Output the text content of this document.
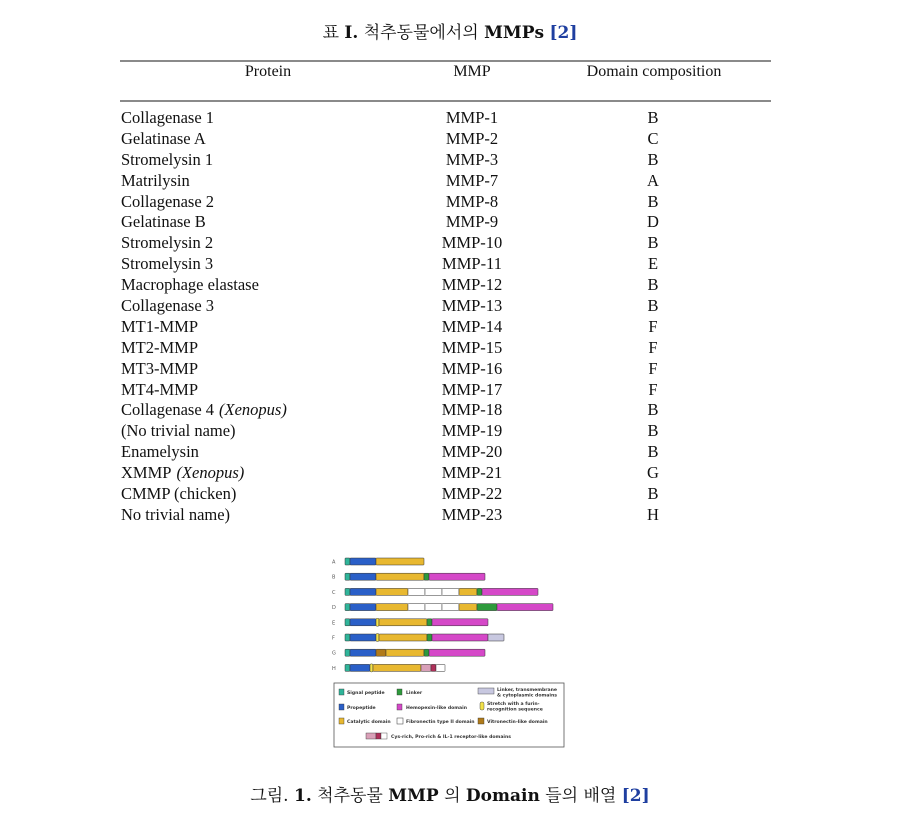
표 I. 척추동물에서의 MMPs [2]
Protein	MMP	Domain composition
Collagenase 1	MMP-1	B
Gelatinase A	MMP-2	C
Stromelysin 1	MMP-3	B
Matrilysin	MMP-7	A
Collagenase 2	MMP-8	B
Gelatinase B	MMP-9	D
Stromelysin 2	MMP-10	B
Stromelysin 3	MMP-11	E
Macrophage elastase	MMP-12	B
Collagenase 3	MMP-13	B
MT1-MMP	MMP-14	F
MT2-MMP	MMP-15	F
MT3-MMP	MMP-16	F
MT4-MMP	MMP-17	F
Collagenase 4 (Xenopus)	MMP-18	B
(No trivial name)	MMP-19	B
Enamelysin	MMP-20	B
XMMP (Xenopus)	MMP-21	G
CMMP (chicken)	MMP-22	B
No trivial name)	MMP-23	H
A
B
C
D
E
F
G
H
Signal peptide	Linker
Linker, transmembrane
& cytoplasmic domains
Propeptide	Hemopexin-like domain
Stretch with a furin-
recognition sequence
Catalytic domain	Fibronectin type II domain	Vitronectin-like domain
Cys-rich, Pro-rich & IL-1 receptor-like domains
그림. 1. 척추동물 MMP 의 Domain 들의 배열 [2]
